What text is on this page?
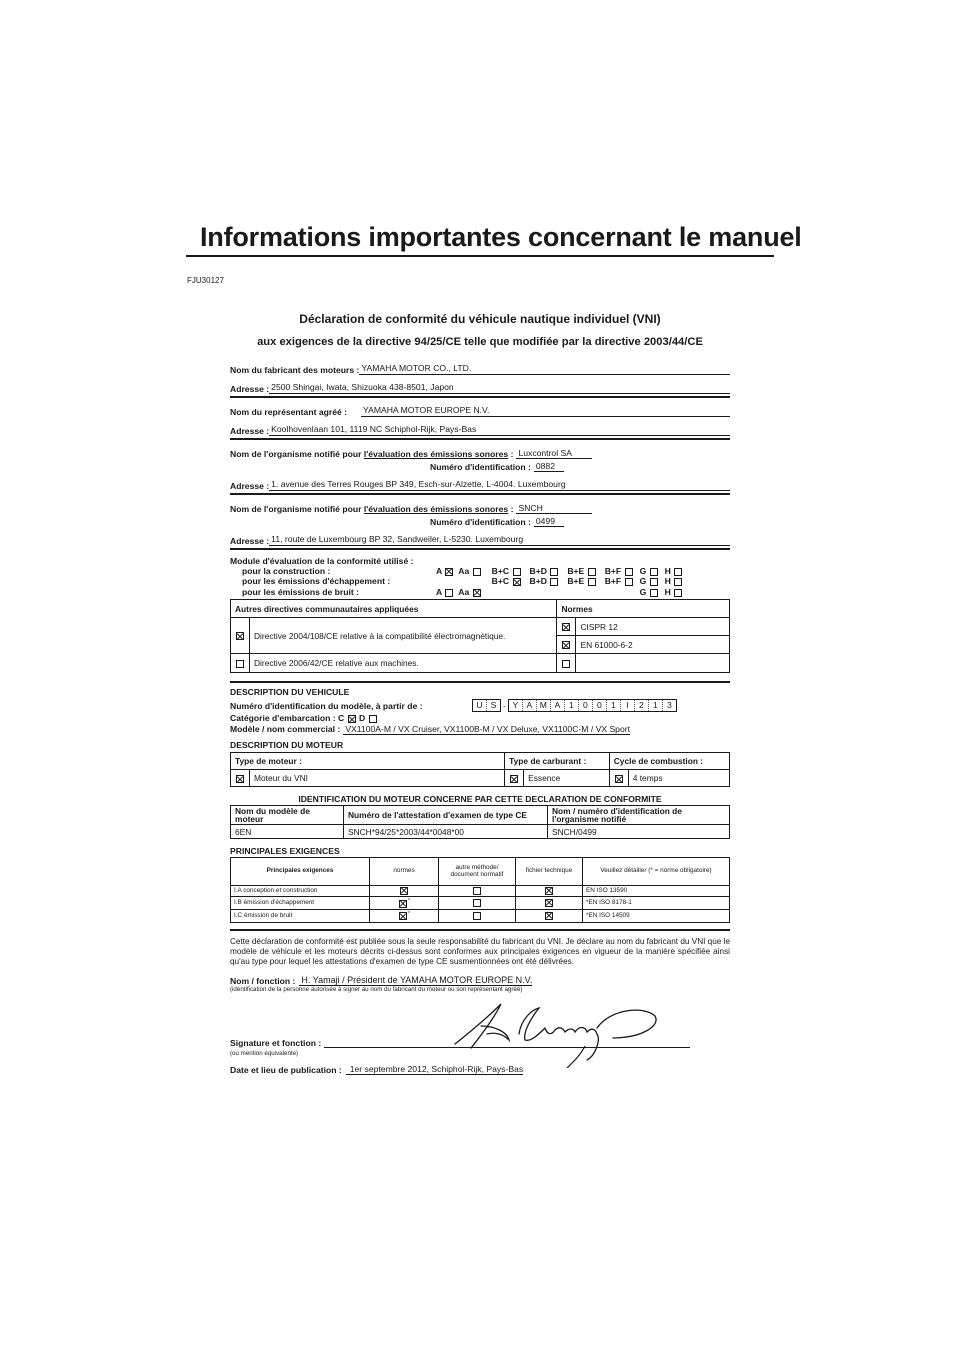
Informations importantes concernant le manuel
FJU30127
Déclaration de conformité du véhicule nautique individuel (VNI)
aux exigences de la directive 94/25/CE telle que modifiée par la directive 2003/44/CE
Nom du fabricant des moteurs : YAMAHA MOTOR CO., LTD.
Adresse : 2500 Shingai, Iwata, Shizuoka 438-8501, Japon
Nom du représentant agréé : YAMAHA MOTOR EUROPE N.V.
Adresse : Koolhovenlaan 101, 1119 NC Schiphol-Rijk, Pays-Bas
Nom de l'organisme notifié pour l'évaluation des émissions sonores : Luxcontrol SA
Numéro d'identification : 0882
Adresse : 1. avenue des Terres Rouges BP 349, Esch-sur-Alzette, L-4004. Luxembourg
Nom de l'organisme notifié pour l'évaluation des émissions sonores : SNCH
Numéro d'identification : 0499
Adresse : 11, route de Luxembourg BP 32, Sandweiler, L-5230. Luxembourg
Module d'évaluation de la conformité utilisé :
pour la construction :	A	Aa	B+C	B+D	B+E	B+F	G	H
pour les émissions d'échappement :			B+C	B+D	B+E	B+F	G	H
pour les émissions de bruit :	A	Aa					G	H
Autres directives communautaires appliquées		Normes	
	Directive 2004/108/CE relative à la compatibilité électromagnétique.		CISPR 12
			EN 61000-6-2
	Directive 2006/42/CE relative aux machines.		
DESCRIPTION DU VEHICULE
Numéro d'identification du modèle, à partir de :	U S - Y A M A	1	0	0	1	I	2	1	3
Catégorie d'embarcation : C D
Modèle / nom commercial : VX1100A-M / VX Cruiser, VX1100B-M / VX Deluxe, VX1100C-M / VX Sport
DESCRIPTION DU MOTEUR
Type de moteur :		Type de carburant :		Cycle de combustion :	
	Moteur du VNI		Essence		4 temps
IDENTIFICATION DU MOTEUR CONCERNE PAR CETTE DECLARATION DE CONFORMITE
Nom du modèle de moteur	Numéro de l'attestation d'examen de type CE	Nom / numéro d'identification de l'organisme notifié
6EN	SNCH*94/25*2003/44*0048*00	SNCH/0499
PRINCIPALES EXIGENCES
Principales exigences	normes	autre méthode/ document normatif	fichier technique	Veuillez détailler (* = norme obligatoire)
I.A conception et construction				EN ISO 13590
I.B émission d'échappement	*			*EN ISO 8178-1
I.C émission de bruit	*			*EN ISO 14509
Cette déclaration de conformité est publiée sous la seule responsabilité du fabricant du VNI. Je déclare au nom du fabricant du VNI que le modèle de véhicule et les moteurs décrits ci-dessus sont conformes aux principales exigences en vigueur de la manière spécifiée ainsi qu'au type pour lequel les attestations d'examen de type CE susmentionnées ont été délivrées.
Nom / fonction : H. Yamaji / Président de YAMAHA MOTOR EUROPE N.V.
(identification de la personne autorisée à signer au nom du fabricant du moteur ou son représentant agréé)
Signature et fonction :
(ou mention équivalente)
Date et lieu de publication : 1er septembre 2012, Schiphol-Rijk, Pays-Bas
